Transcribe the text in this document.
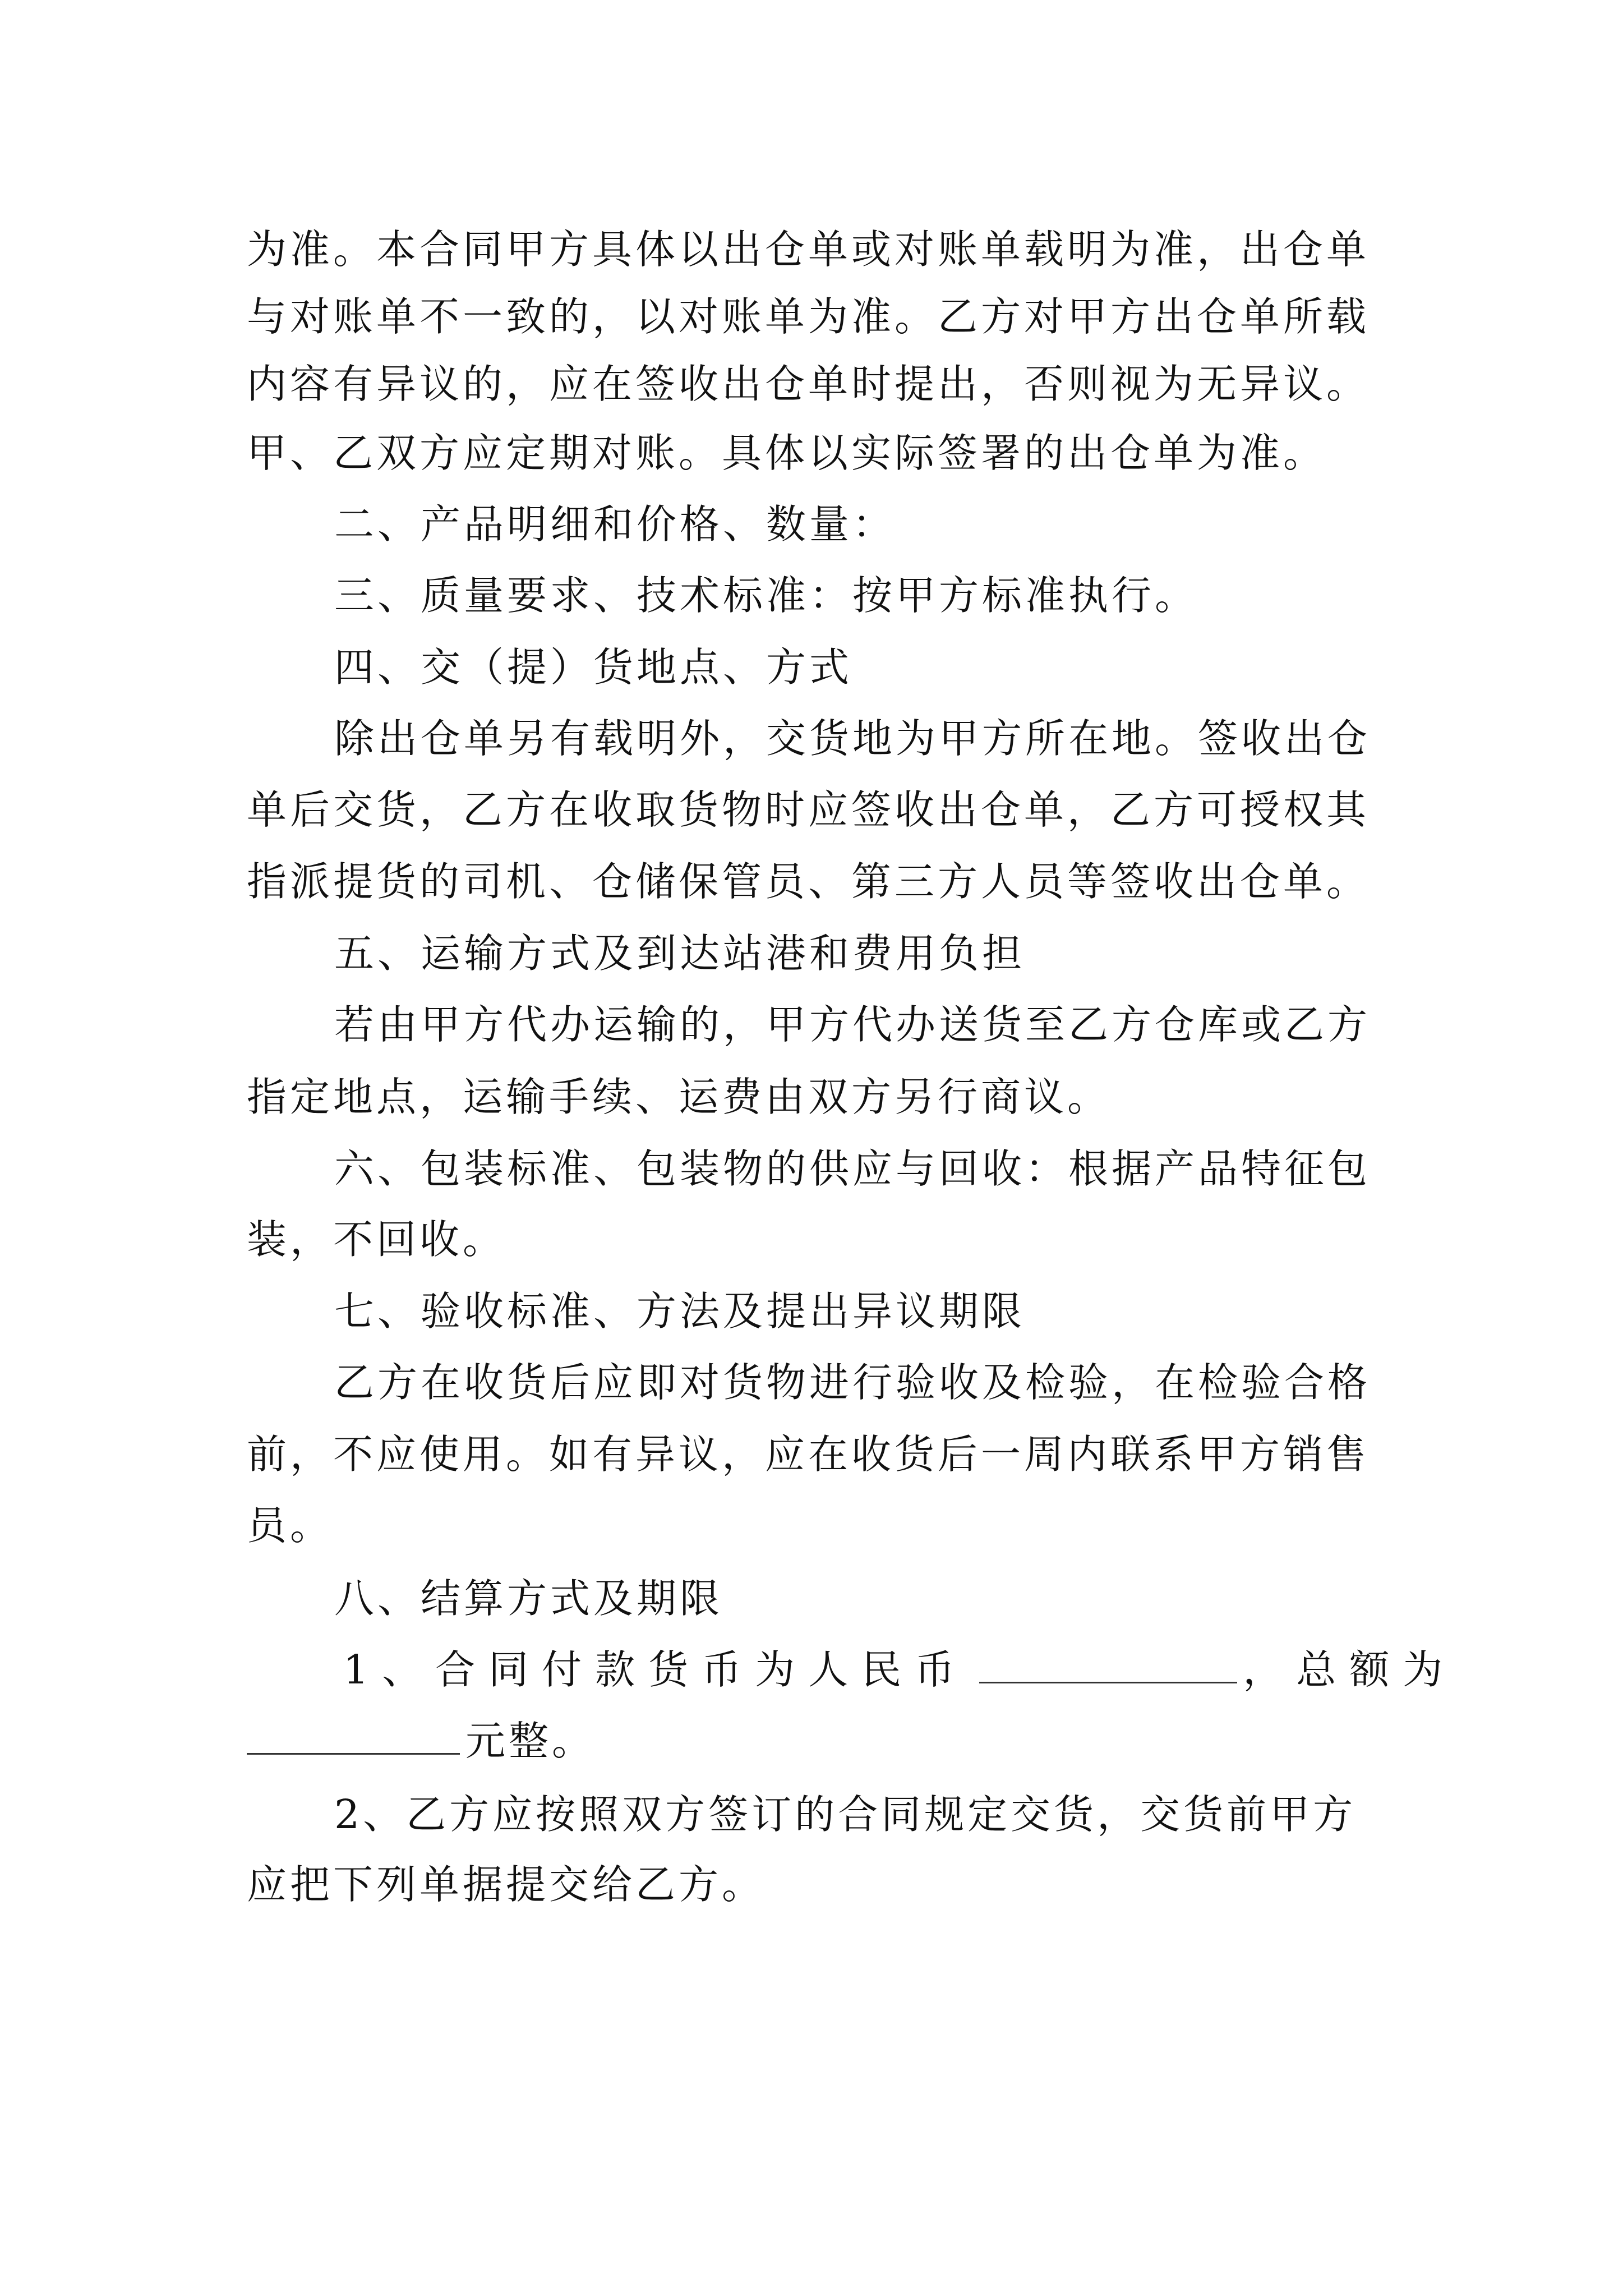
为准。本合同甲方具体以出仓单或对账单载明为准，出仓单
与对账单不一致的，以对账单为准。乙方对甲方出仓单所载
内容有异议的，应在签收出仓单时提出，否则视为无异议。
甲、乙双方应定期对账。具体以实际签署的出仓单为准。
二、产品明细和价格、数量：
三、质量要求、技术标准：按甲方标准执行。
四、交（提）货地点、方式
除出仓单另有载明外，交货地为甲方所在地。签收出仓
单后交货，乙方在收取货物时应签收出仓单，乙方可授权其
指派提货的司机、仓储保管员、第三方人员等签收出仓单。
五、运输方式及到达站港和费用负担
若由甲方代办运输的，甲方代办送货至乙方仓库或乙方
指定地点，运输手续、运费由双方另行商议。
六、包装标准、包装物的供应与回收：根据产品特征包
装，不回收。
七、验收标准、方法及提出异议期限
乙方在收货后应即对货物进行验收及检验，在检验合格
前，不应使用。如有异议，应在收货后一周内联系甲方销售
员。
八、结算方式及期限
1、合同付款货币为人民币	，总额为
元整。
2、乙方应按照双方签订的合同规定交货，交货前甲方
应把下列单据提交给乙方。
